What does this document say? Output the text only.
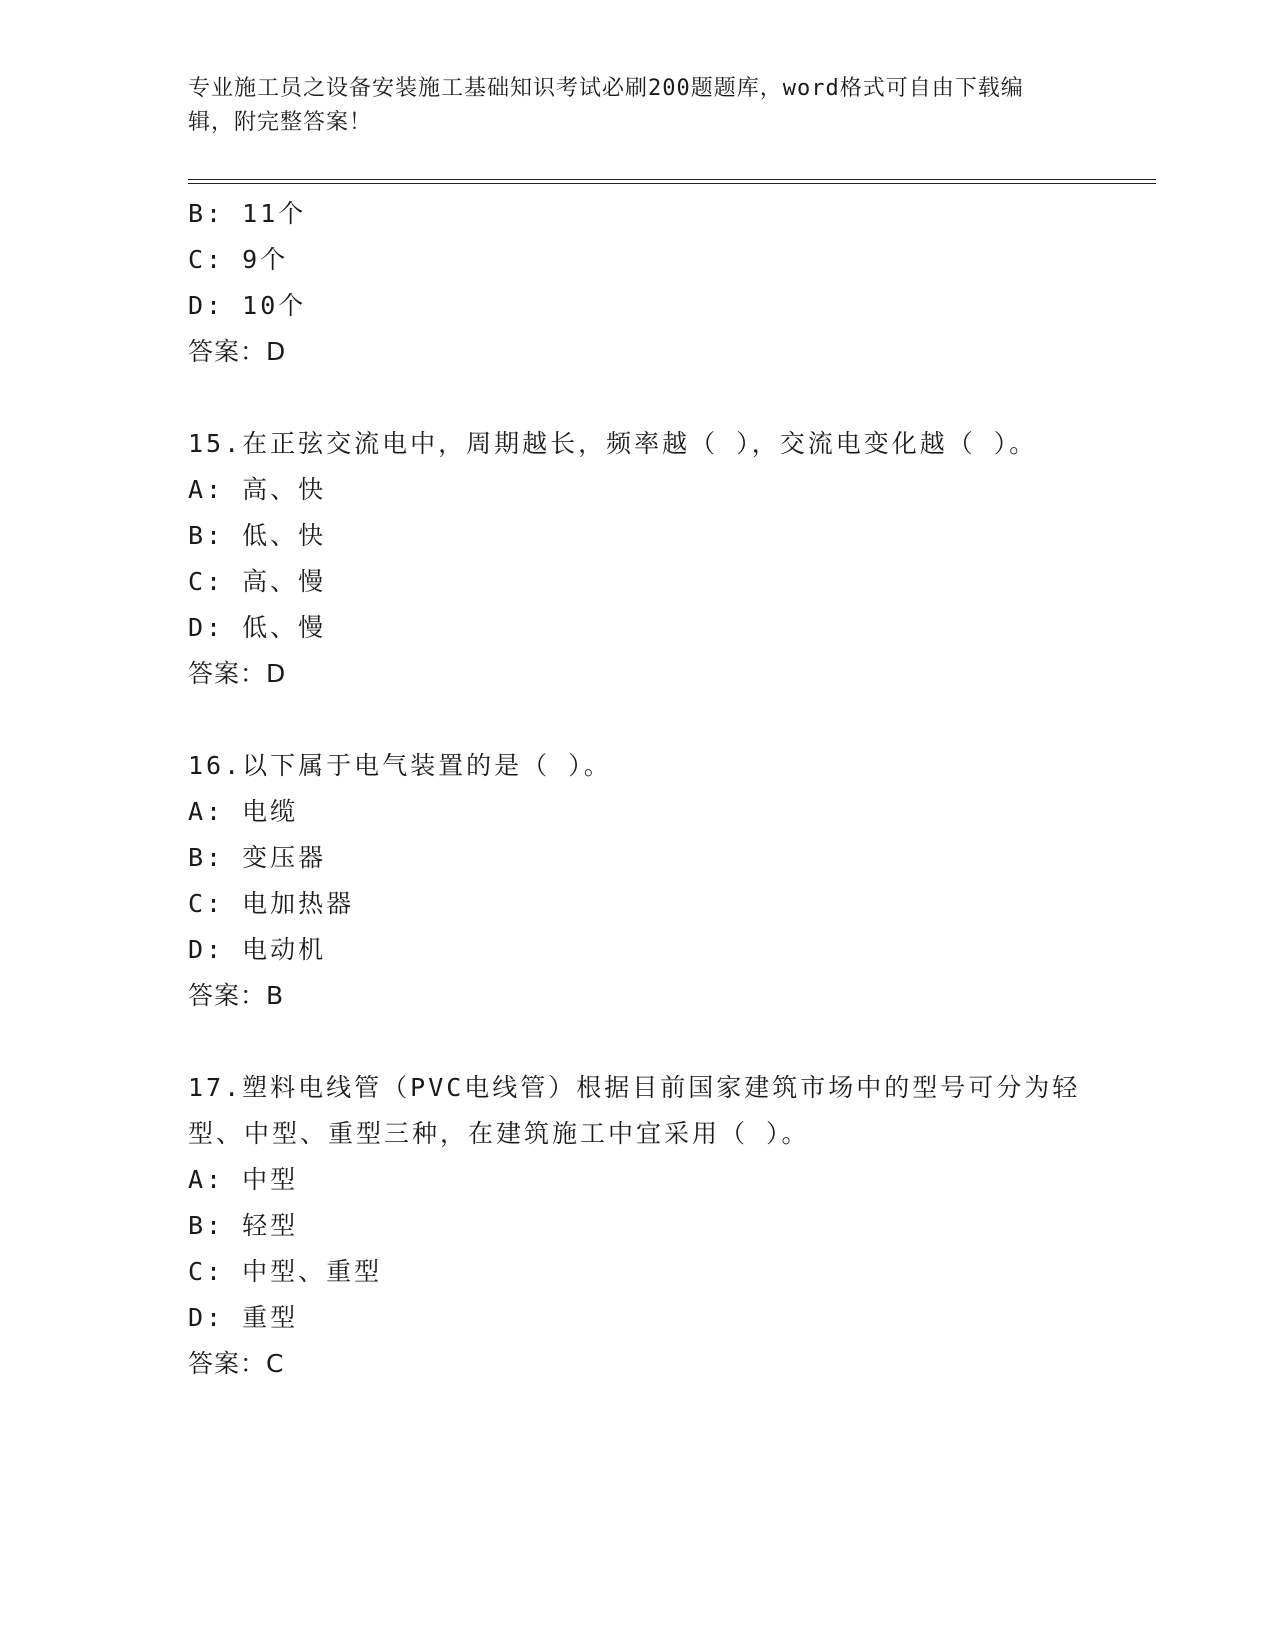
专业施工员之设备安装施工基础知识考试必刷200题题库，word格式可自由下载编辑，附完整答案！
B: 11个
C: 9个
D: 10个
答案：D
15.在正弦交流电中，周期越长，频率越（ ），交流电变化越（ ）。
A: 高、快
B: 低、快
C: 高、慢
D: 低、慢
答案：D
16.以下属于电气装置的是（ ）。
A: 电缆
B: 变压器
C: 电加热器
D: 电动机
答案：B
17.塑料电线管（PVC电线管）根据目前国家建筑市场中的型号可分为轻型、中型、重型三种，在建筑施工中宜采用（ ）。
A: 中型
B: 轻型
C: 中型、重型
D: 重型
答案：C
